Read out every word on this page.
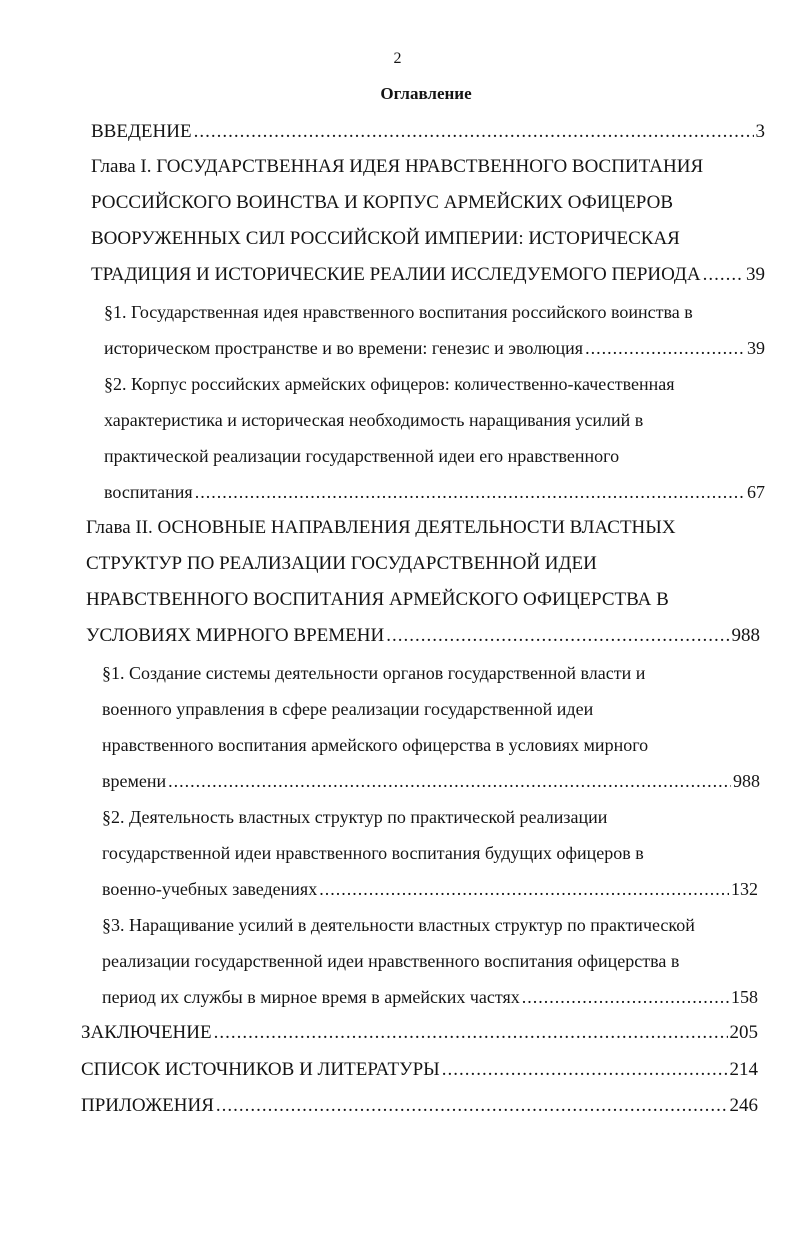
2
Оглавление
ВВЕДЕНИЕ .....	3
Глава I. ГОСУДАРСТВЕННАЯ ИДЕЯ НРАВСТВЕННОГО ВОСПИТАНИЯ
РОССИЙСКОГО ВОИНСТВА И КОРПУС АРМЕЙСКИХ ОФИЦЕРОВ
ВООРУЖЕННЫХ СИЛ РОССИЙСКОЙ ИМПЕРИИ: ИСТОРИЧЕСКАЯ
ТРАДИЦИЯ И ИСТОРИЧЕСКИЕ РЕАЛИИ ИССЛЕДУЕМОГО ПЕРИОДА ..... 39
§1. Государственная идея нравственного воспитания российского воинства в
историческом пространстве и во времени: генезис и эволюция .....	39
§2. Корпус российских армейских офицеров: количественно-качественная
характеристика и историческая необходимость наращивания усилий в
практической реализации государственной идеи его нравственного
воспитания .....	67
Глава II. ОСНОВНЫЕ НАПРАВЛЕНИЯ ДЕЯТЕЛЬНОСТИ ВЛАСТНЫХ
СТРУКТУР ПО РЕАЛИЗАЦИИ ГОСУДАРСТВЕННОЙ ИДЕИ
НРАВСТВЕННОГО ВОСПИТАНИЯ АРМЕЙСКОГО ОФИЦЕРСТВА В
УСЛОВИЯХ МИРНОГО ВРЕМЕНИ .....	988
§1. Создание системы деятельности органов государственной власти и
военного управления в сфере реализации государственной идеи
нравственного воспитания армейского офицерства в условиях мирного
времени .....	988
§2. Деятельность властных структур по практической реализации
государственной идеи нравственного воспитания будущих офицеров в
военно-учебных заведениях .....	132
§3. Наращивание усилий в деятельности властных структур по практической
реализации государственной идеи нравственного воспитания офицерства в
период их службы в мирное время в армейских частях .....	158
ЗАКЛЮЧЕНИЕ .....	205
СПИСОК ИСТОЧНИКОВ И ЛИТЕРАТУРЫ .....	214
ПРИЛОЖЕНИЯ .....	246
